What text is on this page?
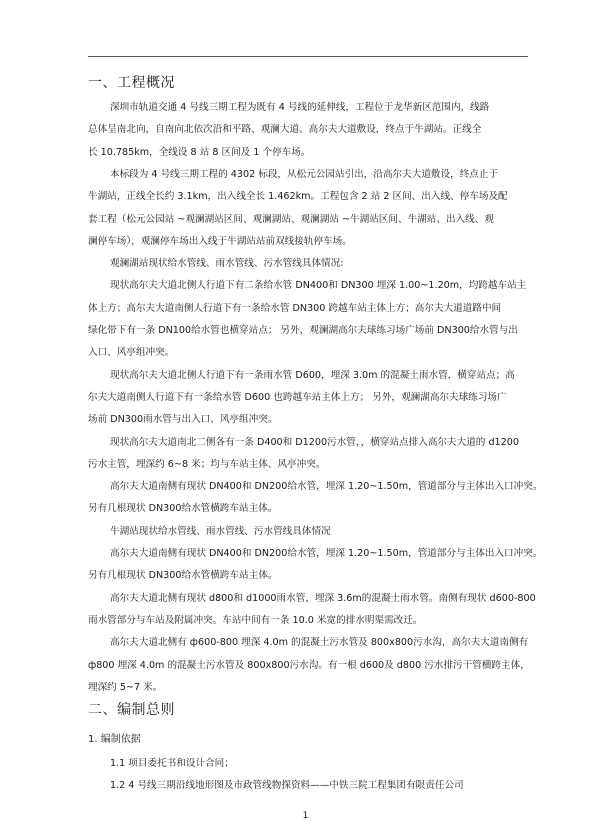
一、工程概况
深圳市轨道交通 4 号线三期工程为既有 4 号线的延伸线，工程位于龙华新区范围内，线路
总体呈南北向，自南向北依次沿和平路、观澜大道、高尔夫大道敷设，终点于牛湖站。正线全
长 10.785km，全线设 8 站 8 区间及 1 个停车场。
本标段为 4 号线三期工程的 4302 标段，从松元公园站引出，沿高尔夫大道敷设，终点止于
牛湖站，正线全长约 3.1km，出入线全长 1.462km。工程包含 2 站 2 区间、出入线、停车场及配
套工程（松元公园站 ~观澜湖站区间、观澜湖站、观澜湖站 ~牛湖站区间、牛湖站、出入线、观
澜停车场），观澜停车场出入线于牛湖站站前双线接轨停车场。
观澜湖站现状给水管线、雨水管线、污水管线具体情况:
现状高尔夫大道北侧人行道下有二条给水管 DN400和 DN300 埋深 1.00~1.20m，均跨越车站主
体上方；高尔夫大道南侧人行道下有一条给水管 DN300 跨越车站主体上方；高尔夫大道道路中间
绿化带下有一条 DN100给水管也横穿站点； 另外，观澜湖高尔夫球练习场广场前 DN300给水管与出
入口、风亭组冲突。
现状高尔夫大道北侧人行道下有一条雨水管 D600，埋深 3.0m 的混凝土雨水管，横穿站点；高
尔夫大道南侧人行道下有一条给水管 D600 也跨越车站主体上方； 另外，观澜湖高尔夫球练习场广
场前 DN300雨水管与出入口、风亭组冲突。
现状高尔夫大道南北二侧各有一条 D400和 D1200污水管，，横穿站点排入高尔夫大道的 d1200
污水主管，埋深约 6~8 米；均与车站主体、风亭冲突。
高尔夫大道南侧有现状 DN400和 DN200给水管，埋深 1.20~1.50m，管道部分与主体出入口冲突。
另有几根现状 DN300给水管横跨车站主体。
牛湖站现状给水管线、雨水管线、污水管线具体情况
高尔夫大道南侧有现状 DN400和 DN200给水管，埋深 1.20~1.50m，管道部分与主体出入口冲突。
另有几根现状 DN300给水管横跨车站主体。
高尔夫大道北侧有现状 d800和 d1000雨水管，埋深 3.6m的混凝土雨水管。南侧有现状 d600-800
雨水管部分与车站及附属冲突。车站中间有一条 10.0 米宽的排水明渠需改迁。
高尔夫大道北侧有 ф600-800 埋深 4.0m 的混凝土污水管及 800x800污水沟，高尔夫大道南侧有
ф800 埋深 4.0m 的混凝土污水管及 800x800污水沟。有一根 d600及 d800 污水排污干管横跨主体，
二、编制总则
1. 编制依据
1.1 项目委托书和设计合同；
1.2 4 号线三期沿线地形图及市政管线物探资料——中铁三院工程集团有限责任公司
1
埋深约 5~7 米。
